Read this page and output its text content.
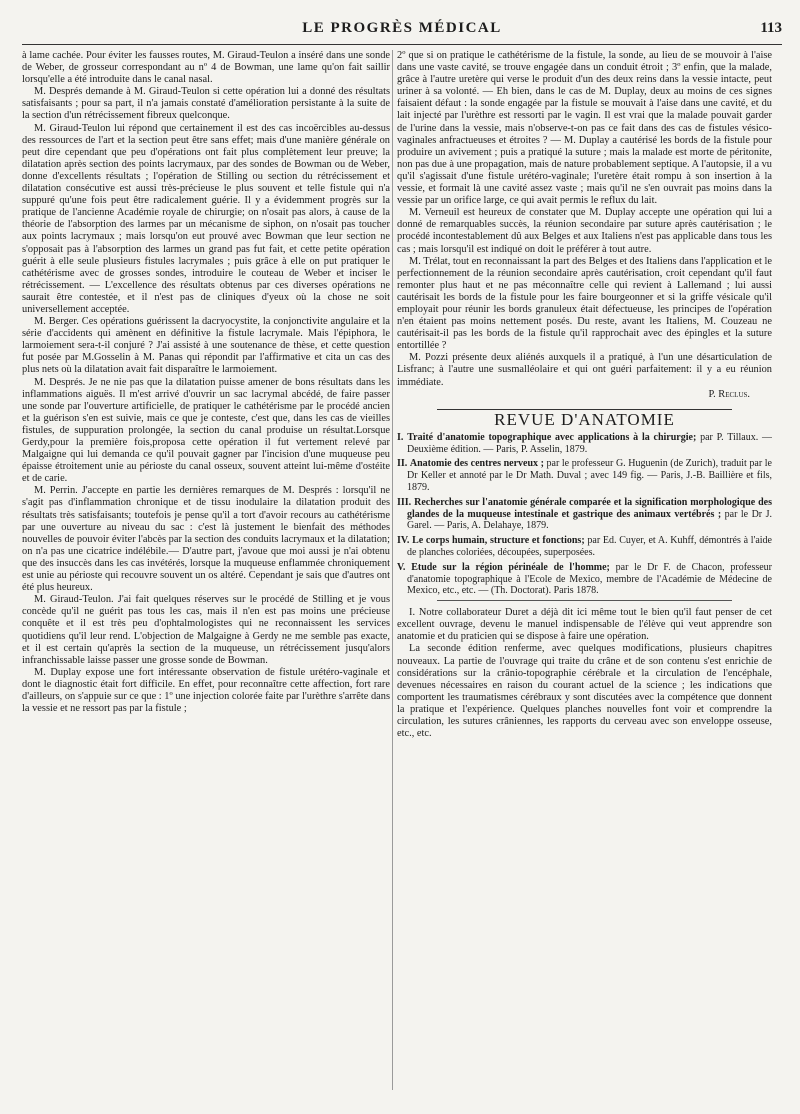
LE PROGRÈS MÉDICAL	113

à lame cachée. Pour éviter les fausses routes, M. Giraud-Teulon a inséré dans une sonde de Weber, de grosseur correspondant au nº 4 de Bowman, une lame qu'on fait saillir lorsqu'elle a été introduite dans le canal nasal.

M. Després demande à M. Giraud-Teulon si cette opération lui a donné des résultats satisfaisants ; pour sa part, il n'a jamais constaté d'amélioration persistante à la suite de la section d'un rétrécissement fibreux quelconque.

M. Giraud-Teulon lui répond que certainement il est des cas incoërcibles au-dessus des ressources de l'art et la section peut être sans effet; mais d'une manière générale on peut dire cependant que peu d'opérations ont fait plus complètement leur preuve; la dilatation après section des points lacrymaux, par des sondes de Bowman ou de Weber, donne d'excellents résultats ; l'opération de Stilling ou section du rétrécissement et dilatation consécutive est aussi très-précieuse le plus souvent et telle fistule qui n'a suppuré qu'une fois peut être radicalement guérie. Il y a évidemment progrès sur la pratique de l'ancienne Académie royale de chirurgie; on n'osait pas alors, à cause de la théorie de l'absorption des larmes par un mécanisme de siphon, on n'osait pas toucher aux points lacrymaux ; mais lorsqu'on eut prouvé avec Bowman que leur section ne s'opposait pas à l'absorption des larmes un grand pas fut fait, et cette petite opération guérit à elle seule plusieurs fistules lacrymales ; puis grâce à elle on put pratiquer le cathétérisme avec de grosses sondes, introduire le couteau de Weber et inciser le rétrécissement. — L'excellence des résultats obtenus par ces diverses opérations ne saurait être contestée, et il n'est pas de cliniques d'yeux où la chose ne soit universellement acceptée.

M. Berger. Ces opérations guérissent la dacryocystite, la conjonctivite angulaire et la série d'accidents qui amènent en définitive la fistule lacrymale. Mais l'épiphora, le larmoiement sera-t-il conjuré ? J'ai assisté à une soutenance de thèse, et cette question fut posée par M.Gosselin à M. Panas qui répondit par l'affirmative et cita un cas des plus nets où la dilatation avait fait disparaître le larmoiement.

M. Després. Je ne nie pas que la dilatation puisse amener de bons résultats dans les inflammations aiguës. Il m'est arrivé d'ouvrir un sac lacrymal abcédé, de faire passer une sonde par l'ouverture artificielle, de pratiquer le cathétérisme par le procédé ancien et la guérison s'en est suivie, mais ce que je conteste, c'est que, dans les cas de vieilles fistules, de suppuration prolongée, la section du canal produise un résultat.Lorsque Gerdy,pour la première fois,proposa cette opération il fut vertement relevé par Malgaigne qui lui demanda ce qu'il pouvait gagner par l'incision d'une muqueuse peu épaisse étroitement unie au périoste du canal osseux, souvent atteint lui-même d'ostéite et de carie.

M. Perrin. J'accepte en partie les dernières remarques de M. Després : lorsqu'il ne s'agit pas d'inflammation chronique et de tissu inodulaire la dilatation produit des résultats très satisfaisants; toutefois je pense qu'il a tort d'avoir recours au cathétérisme par une ouverture au niveau du sac : c'est là justement le bienfait des méthodes nouvelles de pouvoir éviter l'abcès par la section des conduits lacrymaux et la dilatation; on n'a pas une cicatrice indélébile.— D'autre part, j'avoue que moi aussi je n'ai obtenu que des insuccès dans les cas invétérés, lorsque la muqueuse enflammée chroniquement est unie au périoste qui recouvre souvent un os altéré. Cependant je sais que d'autres ont été plus heureux.

M. Giraud-Teulon. J'ai fait quelques réserves sur le procédé de Stilling et je vous concède qu'il ne guérit pas tous les cas, mais il n'en est pas moins une précieuse conquête et il est très peu d'ophtalmologistes qui ne reconnaissent les services quotidiens qu'il leur rend. L'objection de Malgaigne à Gerdy ne me semble pas exacte, et il est certain qu'après la section de la muqueuse, un rétrécissement jusqu'alors infranchissable laisse passer une grosse sonde de Bowman.

M. Duplay expose une fort intéressante observation de fistule urétéro-vaginale et dont le diagnostic était fort difficile. En effet, pour reconnaître cette affection, fort rare d'ailleurs, on s'appuie sur ce que : 1º une injection colorée faite par l'urèthre s'arrête dans la vessie et ne ressort pas par la fistule ;

2º que si on pratique le cathétérisme de la fistule, la sonde, au lieu de se mouvoir à l'aise dans une vaste cavité, se trouve engagée dans un conduit étroit ; 3º enfin, que la malade, grâce à l'autre uretère qui verse le produit d'un des deux reins dans la vessie intacte, peut uriner à sa volonté. — Eh bien, dans le cas de M. Duplay, deux au moins de ces signes faisaient défaut : la sonde engagée par la fistule se mouvait à l'aise dans une cavité, et du lait injecté par l'urèthre est ressorti par le vagin. Il est vrai que la malade pouvait garder de l'urine dans la vessie, mais n'observe-t-on pas ce fait dans des cas de fistules vésico-vaginales anfractueuses et étroites ? — M. Duplay a cautérisé les bords de la fistule pour produire un avivement ; puis a pratiqué la suture ; mais la malade est morte de péritonite, non pas due à une propagation, mais de nature probablement septique. A l'autopsie, il a vu qu'il s'agissait d'une fistule urétéro-vaginale; l'uretère était rompu à son insertion à la vessie, et formait là une cavité assez vaste ; mais qu'il ne s'en ouvrait pas moins dans la vessie par un orifice large, ce qui avait permis le reflux du lait.

M. Verneuil est heureux de constater que M. Duplay accepte une opération qui lui a donné de remarquables succès, la réunion secondaire par suture après cautérisation ; le procédé incontestablement dû aux Belges et aux Italiens n'est pas applicable dans tous les cas ; mais lorsqu'il est indiqué on doit le préférer à tout autre.

M. Trélat, tout en reconnaissant la part des Belges et des Italiens dans l'application et le perfectionnement de la réunion secondaire après cautérisation, croit cependant qu'il faut remonter plus haut et ne pas méconnaître celle qui revient à Lallemand ; lui aussi cautérisait les bords de la fistule pour les faire bourgeonner et si la griffe vésicale qu'il employait pour réunir les bords granuleux était défectueuse, les principes de l'opération n'en étaient pas moins nettement posés. Du reste, avant les Italiens, M. Couzeau ne cautérisait-il pas les bords de la fistule qu'il rapprochait avec des épingles et la suture entortillée ?

M. Pozzi présente deux aliénés auxquels il a pratiqué, à l'un une désarticulation de Lisfranc; à l'autre une susmalléolaire et qui ont guéri parfaitement: il y a eu réunion immédiate.

P. Reclus.

REVUE D'ANATOMIE

I. Traité d'anatomie topographique avec applications à la chirurgie; par P. Tillaux. — Deuxième édition. — Paris, P. Asselin, 1879.

II. Anatomie des centres nerveux ; par le professeur G. Huguenin (de Zurich), traduit par le Dr Keller et annoté par le Dr Math. Duval ; avec 149 fig. — Paris, J.-B. Baillière et fils, 1879.

III. Recherches sur l'anatomie générale comparée et la signification morphologique des glandes de la muqueuse intestinale et gastrique des animaux vertébrés ; par le Dr J. Garel. — Paris, A. Delahaye, 1879.

IV. Le corps humain, structure et fonctions; par Ed. Cuyer, et A. Kuhff, démontrés à l'aide de planches coloriées, découpées, superposées.

V. Etude sur la région périnéale de l'homme; par le Dr F. de Chacon, professeur d'anatomie topographique à l'Ecole de Mexico, membre de l'Académie de Médecine de Mexico, etc., etc. — (Th. Doctorat). Paris 1878.

I. Notre collaborateur Duret a déjà dit ici même tout le bien qu'il faut penser de cet excellent ouvrage, devenu le manuel indispensable de l'élève qui veut apprendre son anatomie et du praticien qui se dispose à faire une opération.

La seconde édition renferme, avec quelques modifications, plusieurs chapitres nouveaux. La partie de l'ouvrage qui traite du crâne et de son contenu s'est enrichie de considérations sur la crânio-topographie cérébrale et la circulation de l'encéphale, devenues nécessaires en raison du courant actuel de la science ; les indications que comportent les traumatismes cérébraux y sont discutées avec la compétence que donnent la pratique et l'expérience. Quelques planches nouvelles font voir et comprendre la circulation, les sutures crâniennes, les rapports du cerveau avec son enveloppe osseuse, etc., etc.
